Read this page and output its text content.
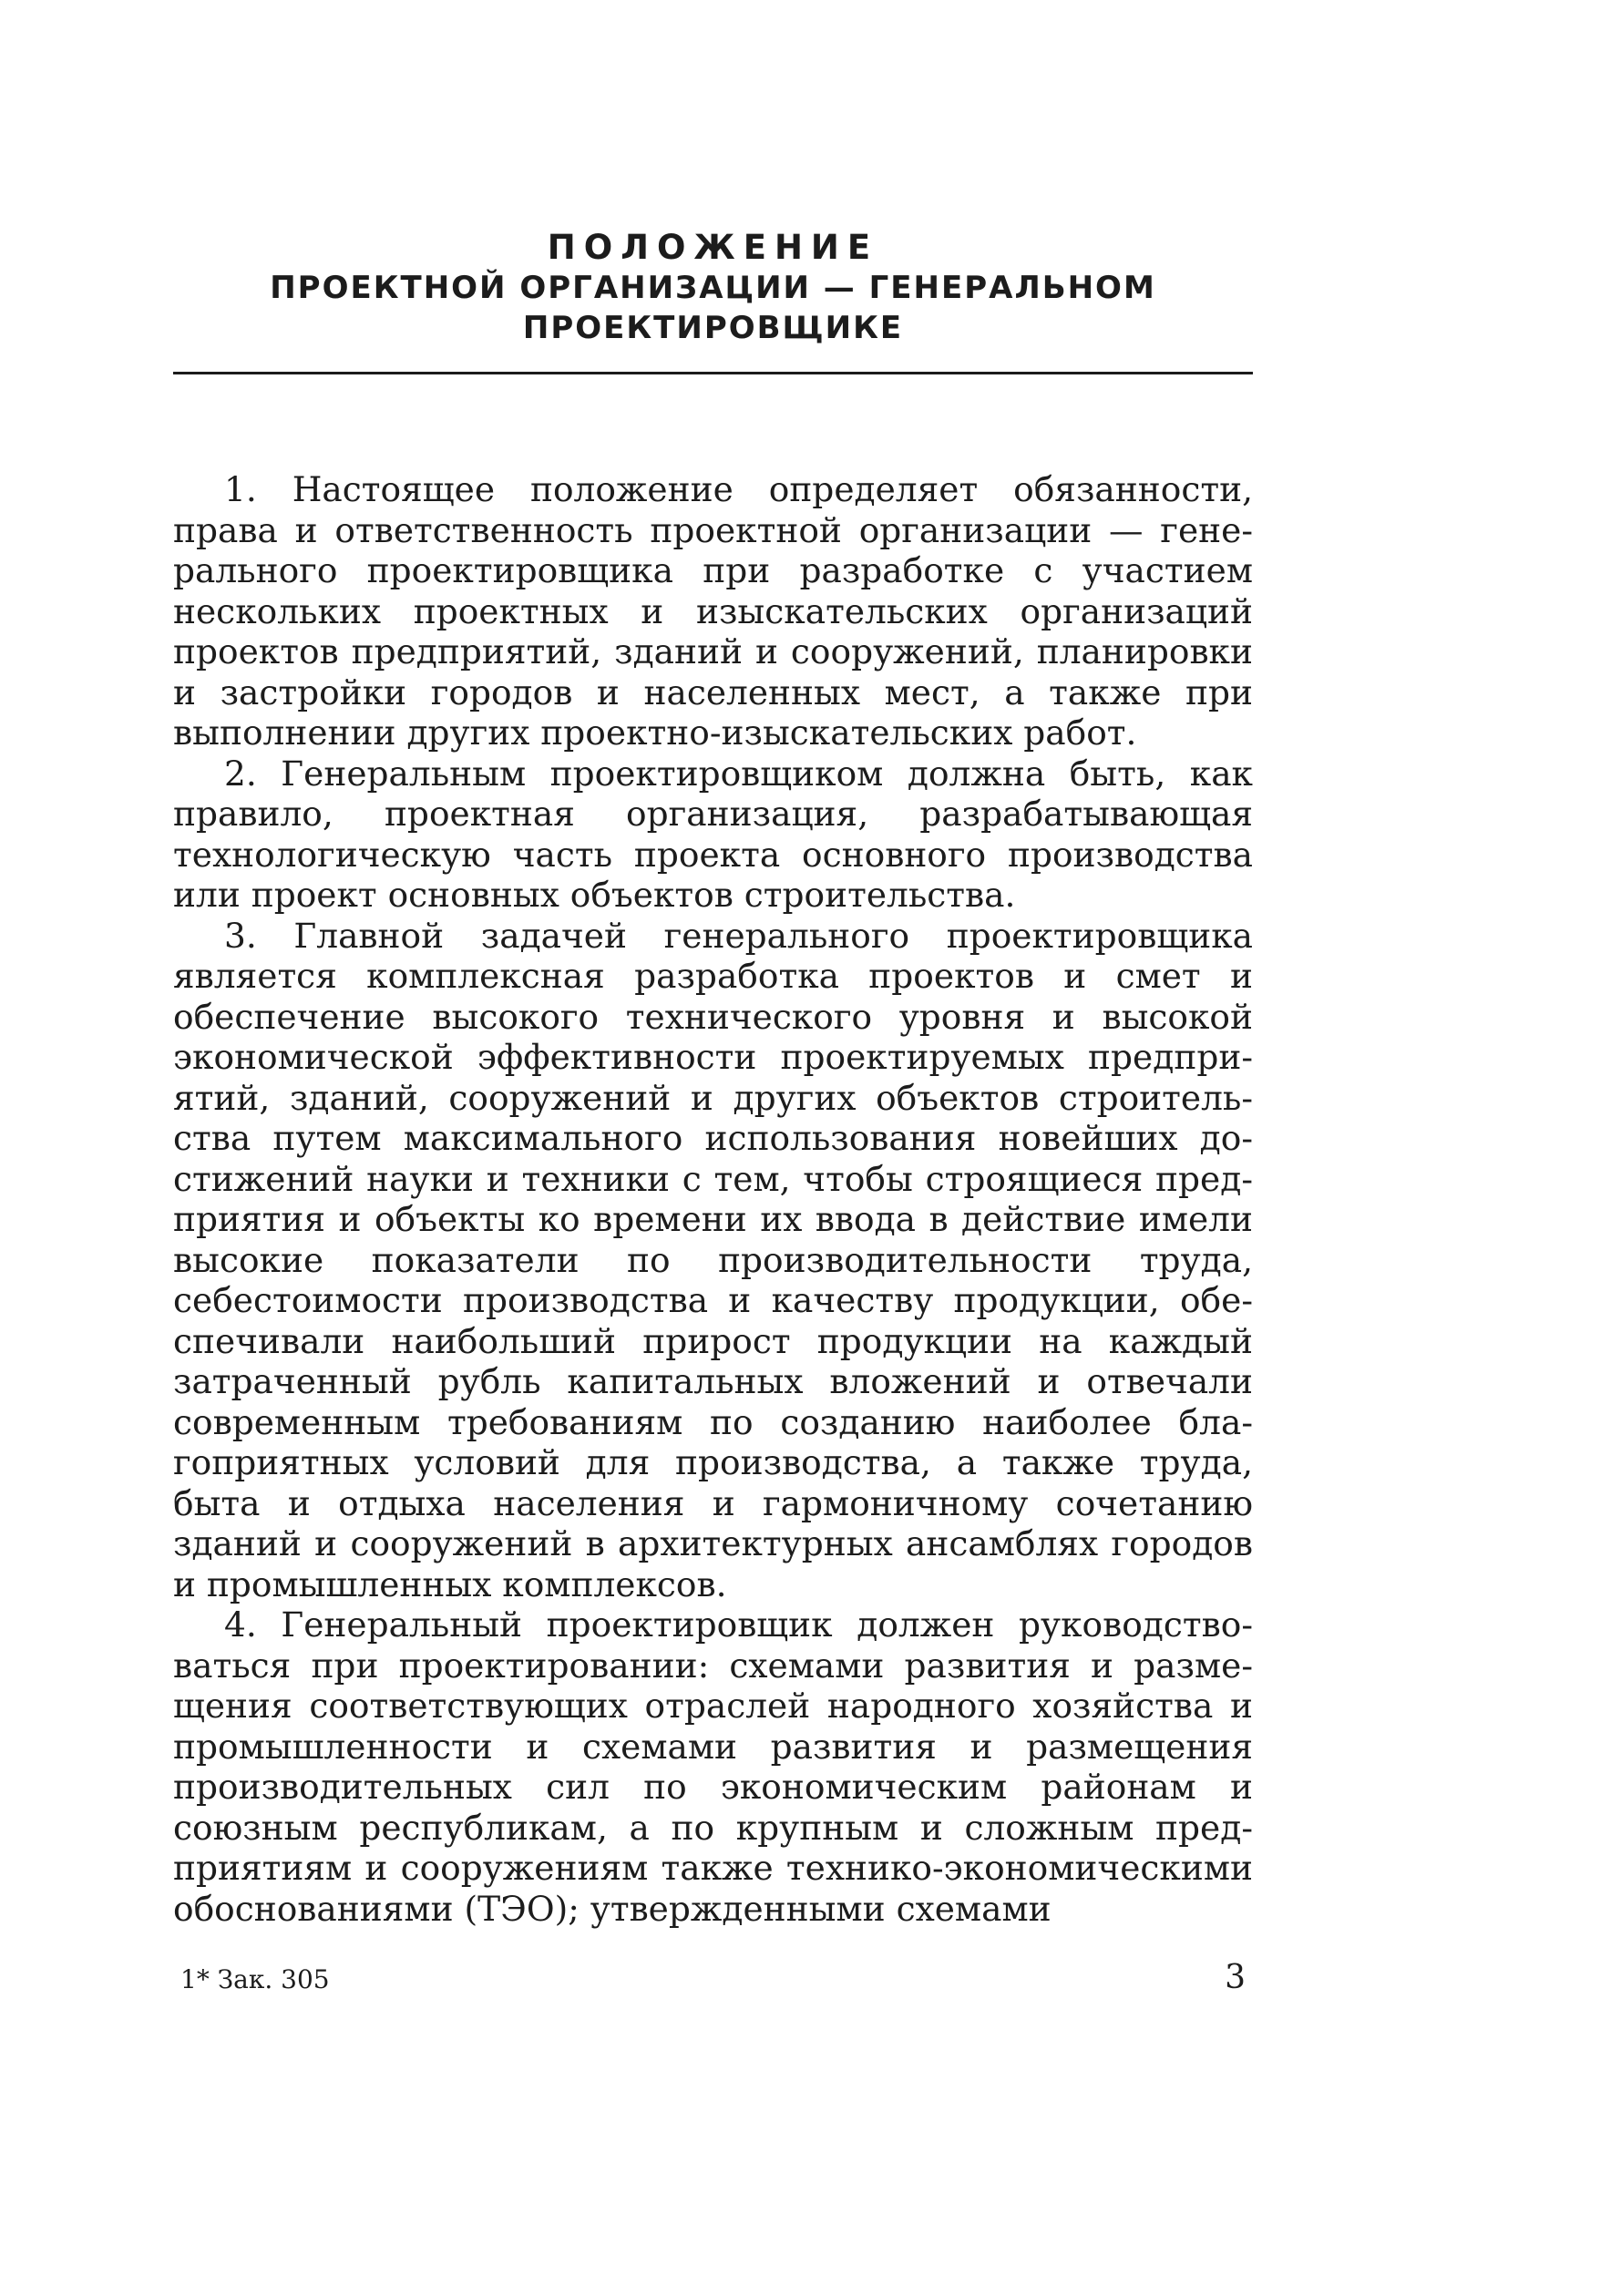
ПОЛОЖЕНИЕ
ПРОЕКТНОЙ ОРГАНИЗАЦИИ — ГЕНЕРАЛЬНОМ
ПРОЕКТИРОВЩИКЕ

1. Настоящее положение определяет обязанности, права и ответственность проектной организации — генерального проектировщика при разработке с участием нескольких проектных и изыскательских организаций проектов предприятий, зданий и сооружений, планировки и застройки городов и населенных мест, а также при выполнении других проектно-изыскательских работ.

2. Генеральным проектировщиком должна быть, как правило, проектная организация, разрабатывающая технологическую часть проекта основного производства или проект основных объектов строительства.

3. Главной задачей генерального проектировщика является комплексная разработка проектов и смет и обеспечение высокого технического уровня и высокой экономической эффективности проектируемых предприятий, зданий, сооружений и других объектов строительства путем максимального использования новейших достижений науки и техники с тем, чтобы строящиеся предприятия и объекты ко времени их ввода в действие имели высокие показатели по производительности труда, себестоимости производства и качеству продукции, обеспечивали наибольший прирост продукции на каждый затраченный рубль капитальных вложений и отвечали современным требованиям по созданию наиболее благоприятных условий для производства, а также труда, быта и отдыха населения и гармоничному сочетанию зданий и сооружений в архитектурных ансамблях городов и промышленных комплексов.

4. Генеральный проектировщик должен руководствоваться при проектировании: схемами развития и размещения соответствующих отраслей народного хозяйства и промышленности и схемами развития и размещения производительных сил по экономическим районам и союзным республикам, а по крупным и сложным предприятиям и сооружениям также технико-экономическими обоснованиями (ТЭО); утвержденными схемами

1* Зак. 305	3
